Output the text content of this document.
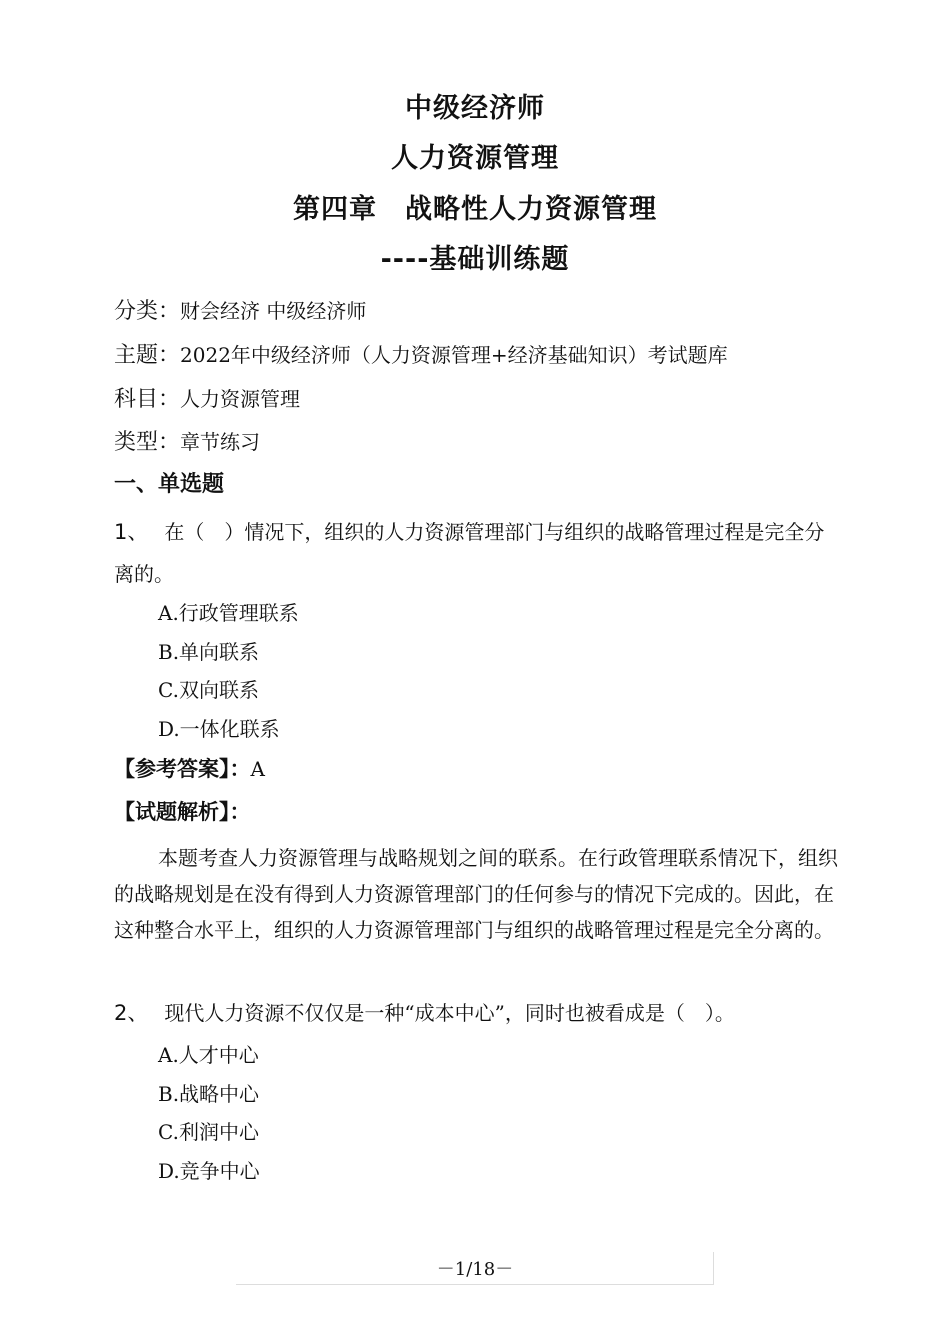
中级经济师
人力资源管理
第四章　战略性人力资源管理
----基础训练题
分类：财会经济 中级经济师
主题：2022年中级经济师（人力资源管理+经济基础知识）考试题库
科目：人力资源管理
类型：章节练习
一、单选题
1、 在（　）情况下，组织的人力资源管理部门与组织的战略管理过程是完全分离的。
A.行政管理联系
B.单向联系
C.双向联系
D.一体化联系
【参考答案】：A
【试题解析】：
本题考查人力资源管理与战略规划之间的联系。在行政管理联系情况下，组织的战略规划是在没有得到人力资源管理部门的任何参与的情况下完成的。因此，在这种整合水平上，组织的人力资源管理部门与组织的战略管理过程是完全分离的。
2、 现代人力资源不仅仅是一种“成本中心”，同时也被看成是（　）。
A.人才中心
B.战略中心
C.利润中心
D.竞争中心
－1/18－
